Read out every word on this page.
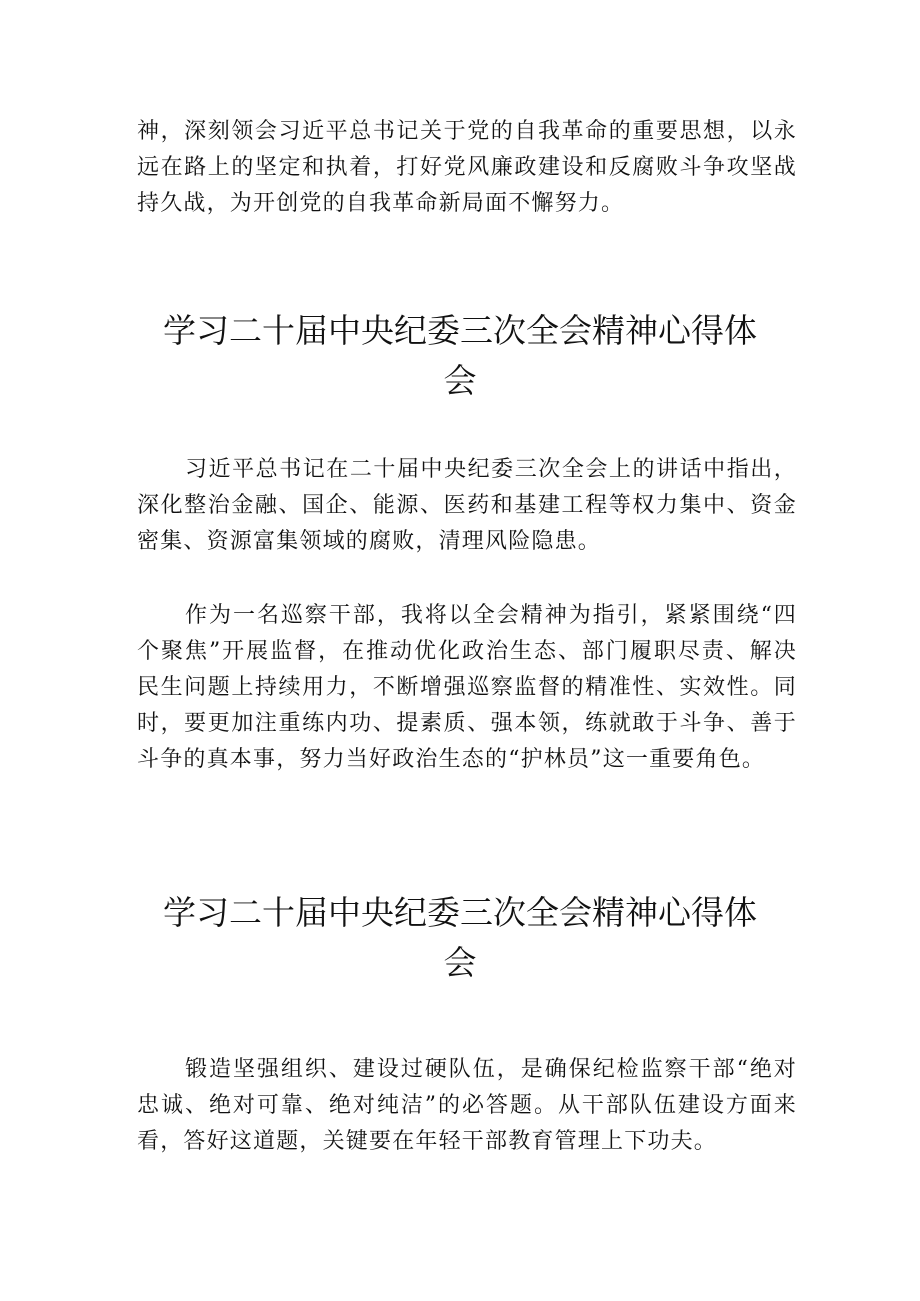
神，深刻领会习近平总书记关于党的自我革命的重要思想，以永远在路上的坚定和执着，打好党风廉政建设和反腐败斗争攻坚战持久战，为开创党的自我革命新局面不懈努力。

学习二十届中央纪委三次全会精神心得体会

习近平总书记在二十届中央纪委三次全会上的讲话中指出，深化整治金融、国企、能源、医药和基建工程等权力集中、资金密集、资源富集领域的腐败，清理风险隐患。

作为一名巡察干部，我将以全会精神为指引，紧紧围绕“四个聚焦”开展监督，在推动优化政治生态、部门履职尽责、解决民生问题上持续用力，不断增强巡察监督的精准性、实效性。同时，要更加注重练内功、提素质、强本领，练就敢于斗争、善于斗争的真本事，努力当好政治生态的“护林员”这一重要角色。

学习二十届中央纪委三次全会精神心得体会

锻造坚强组织、建设过硬队伍，是确保纪检监察干部“绝对忠诚、绝对可靠、绝对纯洁”的必答题。从干部队伍建设方面来看，答好这道题，关键要在年轻干部教育管理上下功夫。
